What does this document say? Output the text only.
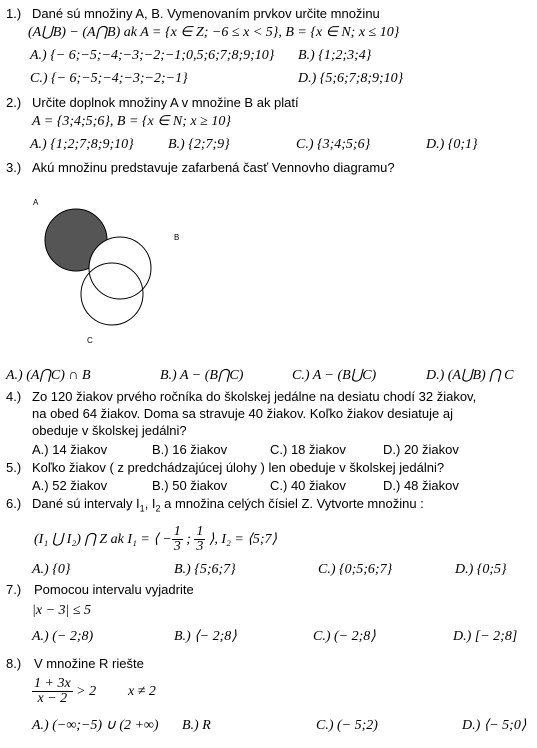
1.) Dané sú množiny A, B. Vymenovaním prvkov určite množinu
(A⋃B) − (A⋂B) ak A = {x ∈ Z; −6 ≤ x < 5}, B = {x ∈ N; x ≤ 10}
A.) {− 6;−5;−4;−3;−2;−1;0,5;6;7;8;9;10} B.) {1;2;3;4}
C.) {− 6;−5;−4;−3;−2;−1}	D.) {5;6;7;8;9;10}
2.) Určite doplnok množiny A v množine B ak platí
A = {3;4;5;6}, B = {x ∈ N; x ≥ 10}
A.) {1;2;7;8;9;10} B.) {2;7;9}	C.) {3;4;5;6}	D.) {0;1}
3.) Akú množinu predstavuje zafarbená časť Vennovho diagramu?
A
B
C
A.) (A⋂C) ∩ B	B.) A − (B⋂C)	C.) A − (B⋃C)	D.) (A⋃B) ⋂ C
4.) Zo 120 žiakov prvého ročníka do školskej jedálne na desiatu chodí 32 žiakov,
na obed 64 žiakov. Doma sa stravuje 40 žiakov. Koľko žiakov desiatuje aj
obeduje v školskej jedálni?
A.) 14 žiakov	B.) 16 žiakov	C.) 18 žiakov	D.) 20 žiakov
5.) Koľko žiakov ( z predchádzajúcej úlohy ) len obeduje v školskej jedálni?
A.) 52 žiakov	B.) 50 žiakov	C.) 40 žiakov	D.) 48 žiakov
6.) Dané sú intervaly $I_1$, $I_2$ a množina celých čísiel Z. Vytvorte množinu :
(I₁ ⋃ I₂) ⋂ Z ak I₁ = ⟨ − $\frac{1}{3}$ ; $\frac{1}{3}$ ⟩, I₂ = ⟨5;7⟩
A.) {0}	B.) {5;6;7}	C.) {0;5;6;7}	D.) {0;5}
7.) Pomocou intervalu vyjadrite
|x − 3| ≤ 5
A.) (− 2;8)	B.) ⟨− 2;8⟩	C.) (− 2;8⟩	D.) [− 2;8]
8.) V množine R riešte
$\frac{1 + 3x}{x - 2} > 2$ x ≠ 2
A.) (−∞;−5) ∪ (2 +∞) B.) R	C.) (− 5;2)	D.) ⟨− 5;0⟩
